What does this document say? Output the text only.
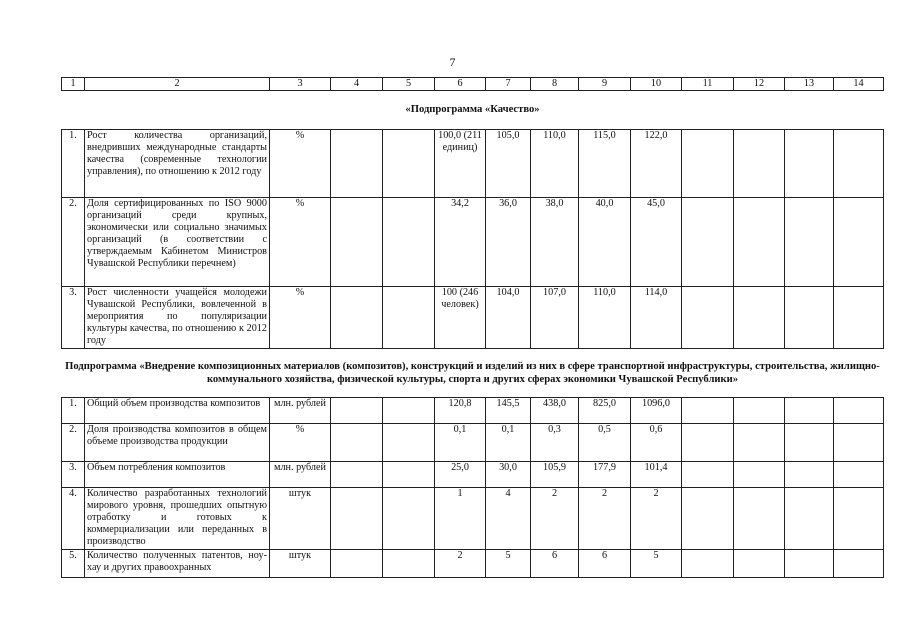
7
1	2	3	4	5	6	7	8	9	10	11	12	13	14
«Подпрограмма «Качество»													
1.	Рост количества организаций, внедривших международные стандарты качества (современные технологии управления), по отношению к 2012 году	%			100,0 (211 единиц)	105,0	110,0	115,0	122,0				
2.	Доля сертифицированных по ISO 9000 организаций среди крупных, экономически или социально значимых организаций (в соответствии с утверждаемым Кабинетом Министров Чувашской Республики перечнем)	%			34,2	36,0	38,0	40,0	45,0				
3.	Рост численности учащейся молодежи Чувашской Республики, вовлеченной в мероприятия по популяризации культуры качества, по отношению к 2012 году	%			100 (246 человек)	104,0	107,0	110,0	114,0				
Подпрограмма «Внедрение композиционных материалов (композитов), конструкций и изделий из них в сфере транспортной инфраструктуры, строительства, жилищно-коммунального хозяйства, физической культуры, спорта и других сферах экономики Чувашской Республики»													
1.	Общий объем производства композитов	млн. рублей			120,8	145,5	438,0	825,0	1096,0				
2.	Доля производства композитов в общем объеме производства продукции	%			0,1	0,1	0,3	0,5	0,6				
3.	Объем потребления композитов	млн. рублей			25,0	30,0	105,9	177,9	101,4				
4.	Количество разработанных технологий мирового уровня, прошедших опытную отработку и готовых к коммерциализации или переданных в производство	штук			1	4	2	2	2				
5.	Количество полученных патентов, ноу-хау и других правоохранных	штук			2	5	6	6	5				
